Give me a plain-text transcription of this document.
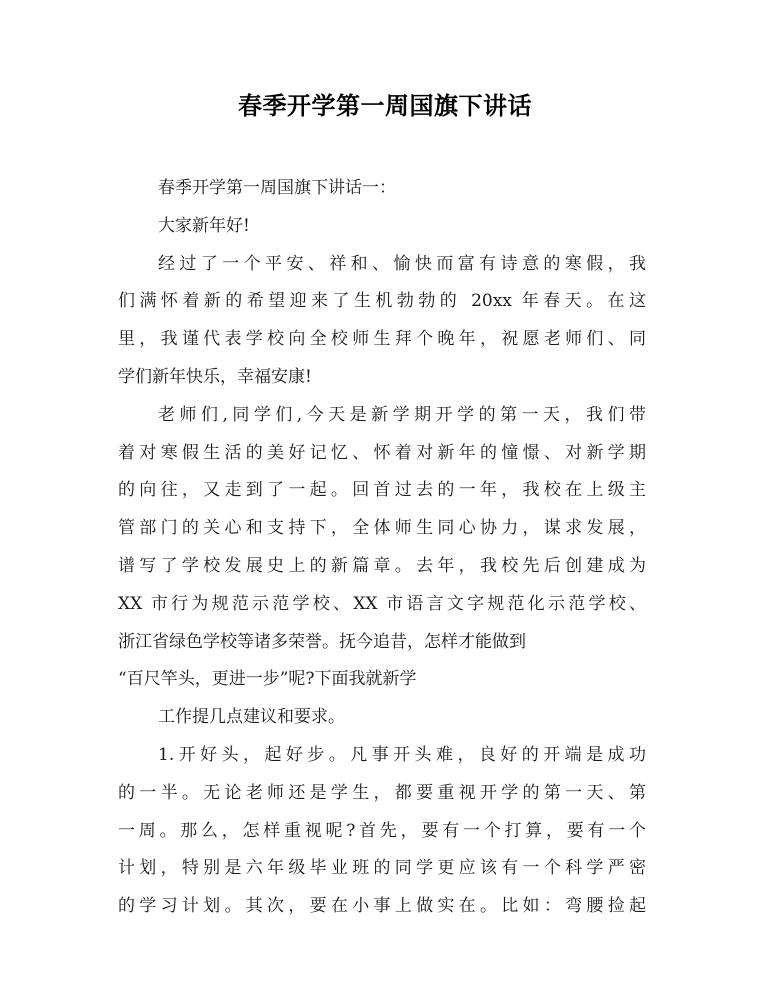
春季开学第一周国旗下讲话
春季开学第一周国旗下讲话一：
大家新年好!
经过了一个平安、祥和、愉快而富有诗意的寒假，我
们满怀着新的希望迎来了生机勃勃的 20xx 年春天。在这
里，我谨代表学校向全校师生拜个晚年，祝愿老师们、同
学们新年快乐，幸福安康!
老师们,同学们,今天是新学期开学的第一天，我们带
着对寒假生活的美好记忆、怀着对新年的憧憬、对新学期
的向往，又走到了一起。回首过去的一年，我校在上级主
管部门的关心和支持下，全体师生同心协力，谋求发展，
谱写了学校发展史上的新篇章。去年，我校先后创建成为
XX 市行为规范示范学校、XX 市语言文字规范化示范学校、
浙江省绿色学校等诸多荣誉。抚今追昔，怎样才能做到
“百尺竿头，更进一步”呢?下面我就新学
工作提几点建议和要求。
1.开好头，起好步。凡事开头难，良好的开端是成功
的一半。无论老师还是学生，都要重视开学的第一天、第
一周。那么，怎样重视呢?首先，要有一个打算，要有一个
计划，特别是六年级毕业班的同学更应该有一个科学严密
的学习计划。其次，要在小事上做实在。比如：弯腰捡起
